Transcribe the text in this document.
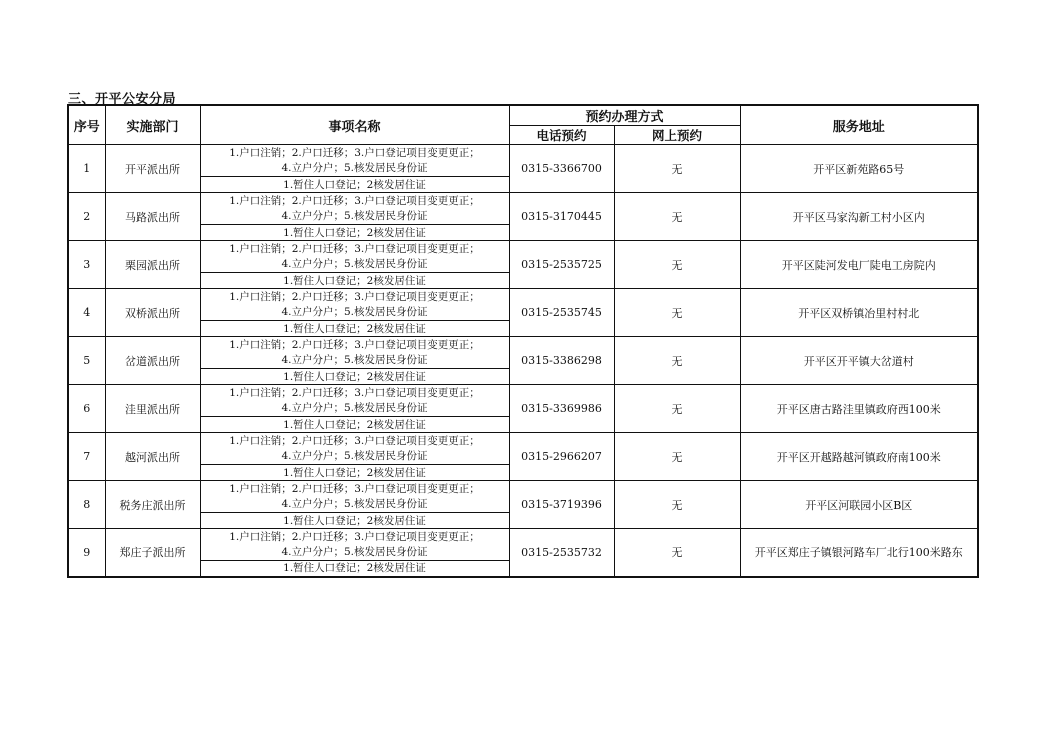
三、开平公安分局
序号	实施部门	事项名称	预约办理方式		服务地址
			电话预约	网上预约	
1	开平派出所	1.户口注销；2.户口迁移；3.户口登记项目变更更正；
4.立户分户；5.核发居民身份证	0315-3366700	无	开平区新苑路65号
		1.暂住人口登记；2核发居住证			
2	马路派出所	1.户口注销；2.户口迁移；3.户口登记项目变更更正；
4.立户分户；5.核发居民身份证	0315-3170445	无	开平区马家沟新工村小区内
		1.暂住人口登记；2核发居住证			
3	栗园派出所	1.户口注销；2.户口迁移；3.户口登记项目变更更正；
4.立户分户；5.核发居民身份证	0315-2535725	无	开平区陡河发电厂陡电工房院内
		1.暂住人口登记；2核发居住证			
4	双桥派出所	1.户口注销；2.户口迁移；3.户口登记项目变更更正；
4.立户分户；5.核发居民身份证	0315-2535745	无	开平区双桥镇冶里村村北
		1.暂住人口登记；2核发居住证			
5	岔道派出所	1.户口注销；2.户口迁移；3.户口登记项目变更更正；
4.立户分户；5.核发居民身份证	0315-3386298	无	开平区开平镇大岔道村
		1.暂住人口登记；2核发居住证			
6	洼里派出所	1.户口注销；2.户口迁移；3.户口登记项目变更更正；
4.立户分户；5.核发居民身份证	0315-3369986	无	开平区唐古路洼里镇政府西100米
		1.暂住人口登记；2核发居住证			
7	越河派出所	1.户口注销；2.户口迁移；3.户口登记项目变更更正；
4.立户分户；5.核发居民身份证	0315-2966207	无	开平区开越路越河镇政府南100米
		1.暂住人口登记；2核发居住证			
8	税务庄派出所	1.户口注销；2.户口迁移；3.户口登记项目变更更正；
4.立户分户；5.核发居民身份证	0315-3719396	无	开平区河联园小区B区
		1.暂住人口登记；2核发居住证			
9	郑庄子派出所	1.户口注销；2.户口迁移；3.户口登记项目变更更正；
4.立户分户；5.核发居民身份证	0315-2535732	无	开平区郑庄子镇银河路车厂北行100米路东
		1.暂住人口登记；2核发居住证			
